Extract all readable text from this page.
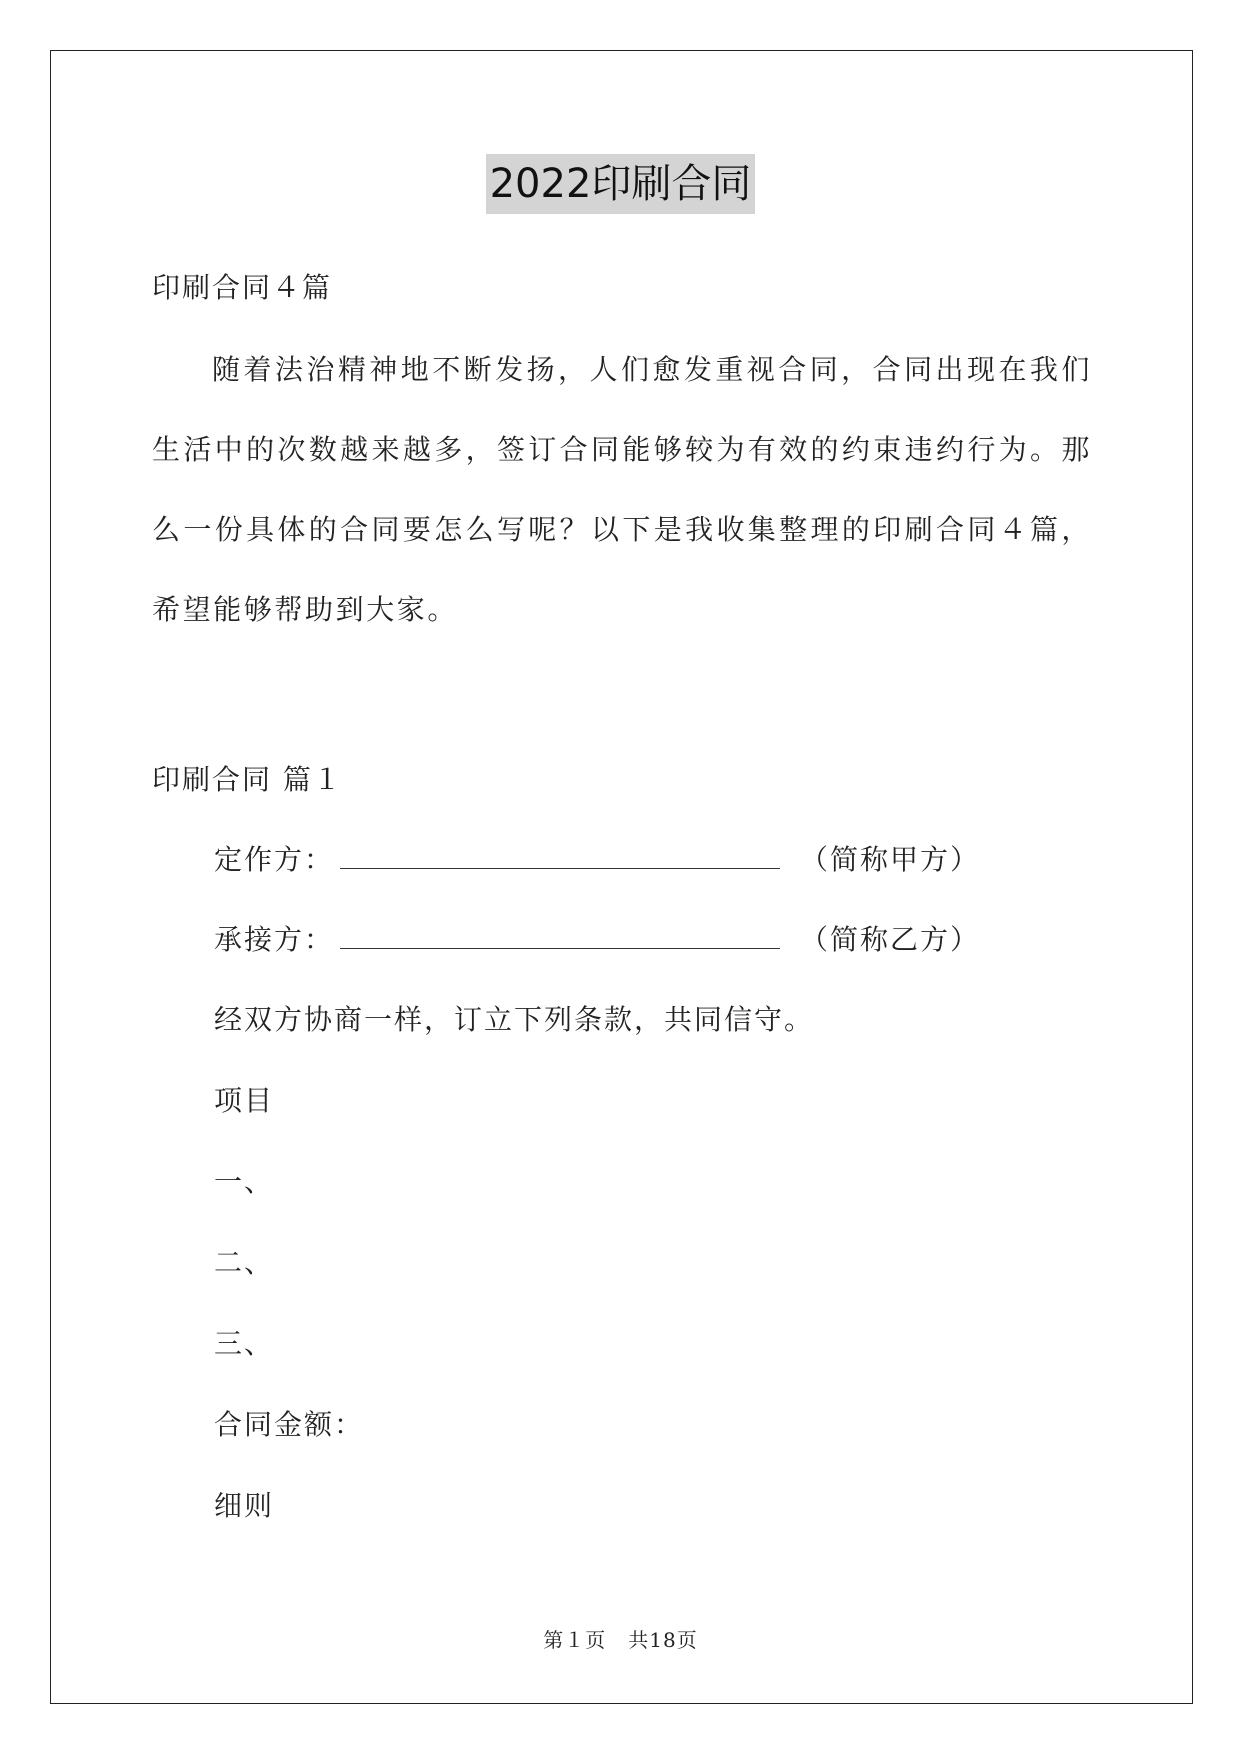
2022印刷合同
印刷合同４篇
随着法治精神地不断发扬，人们愈发重视合同，合同出现在我们生活中的次数越来越多，签订合同能够较为有效的约束违约行为。那么一份具体的合同要怎么写呢？以下是我收集整理的印刷合同４篇，希望能够帮助到大家。
印刷合同 篇１
定作方：	（简称甲方）
承接方：	（简称乙方）
经双方协商一样，订立下列条款，共同信守。
项目
一、
二、
三、
合同金额：
细则
第１页 共18页
